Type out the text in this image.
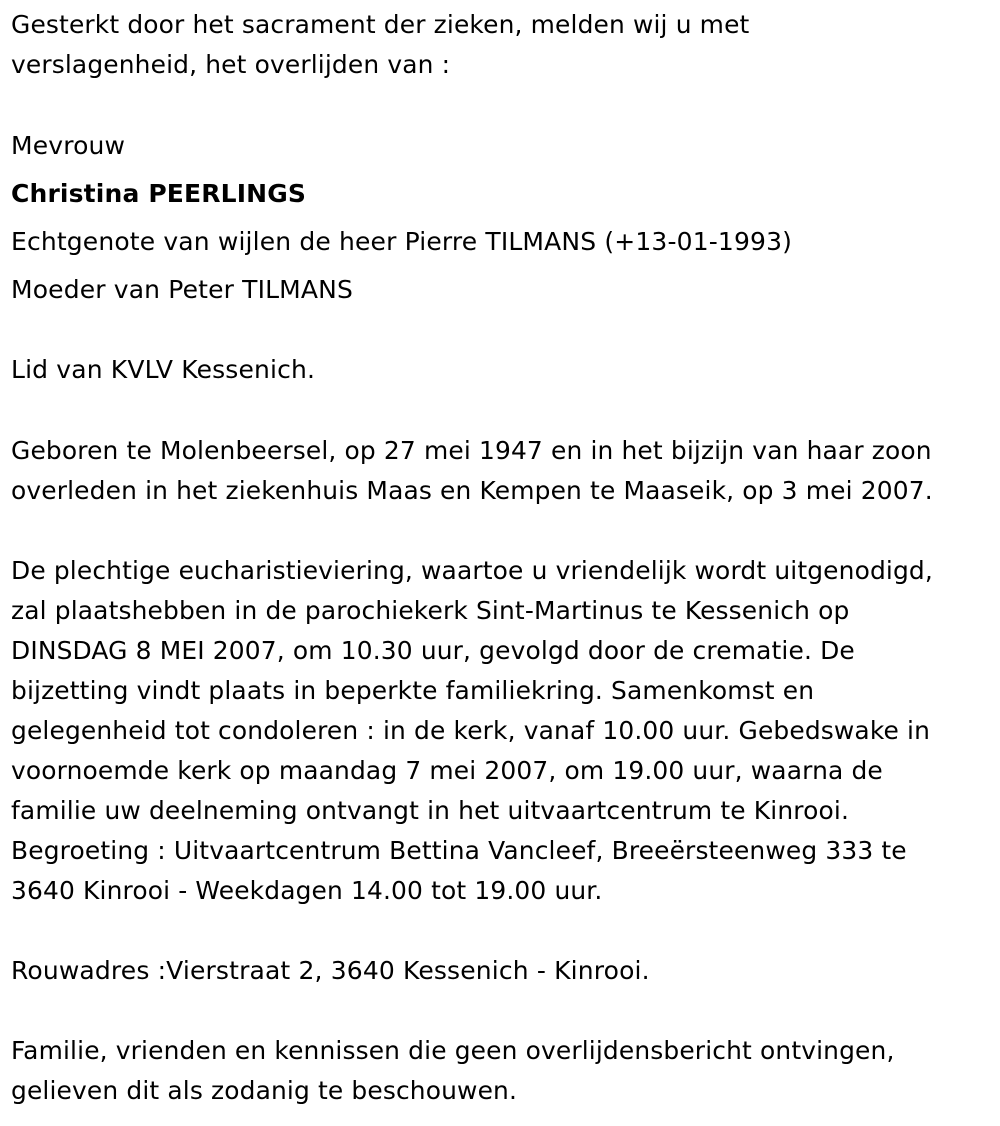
Gesterkt door het sacrament der zieken, melden wij u met
verslagenheid, het overlijden van :
Mevrouw
Christina PEERLINGS
Echtgenote van wijlen de heer Pierre TILMANS (+13-01-1993)
Moeder van Peter TILMANS
Lid van KVLV Kessenich.
Geboren te Molenbeersel, op 27 mei 1947 en in het bijzijn van haar zoon
overleden in het ziekenhuis Maas en Kempen te Maaseik, op 3 mei 2007.
De plechtige eucharistieviering, waartoe u vriendelijk wordt uitgenodigd,
zal plaatshebben in de parochiekerk Sint-Martinus te Kessenich op
DINSDAG 8 MEI 2007, om 10.30 uur, gevolgd door de crematie. De
bijzetting vindt plaats in beperkte familiekring. Samenkomst en
gelegenheid tot condoleren : in de kerk, vanaf 10.00 uur. Gebedswake in
voornoemde kerk op maandag 7 mei 2007, om 19.00 uur, waarna de
familie uw deelneming ontvangt in het uitvaartcentrum te Kinrooi.
Begroeting : Uitvaartcentrum Bettina Vancleef, Breeërsteenweg 333 te
3640 Kinrooi - Weekdagen 14.00 tot 19.00 uur.
Rouwadres :Vierstraat 2, 3640 Kessenich - Kinrooi.
Familie, vrienden en kennissen die geen overlijdensbericht ontvingen,
gelieven dit als zodanig te beschouwen.
